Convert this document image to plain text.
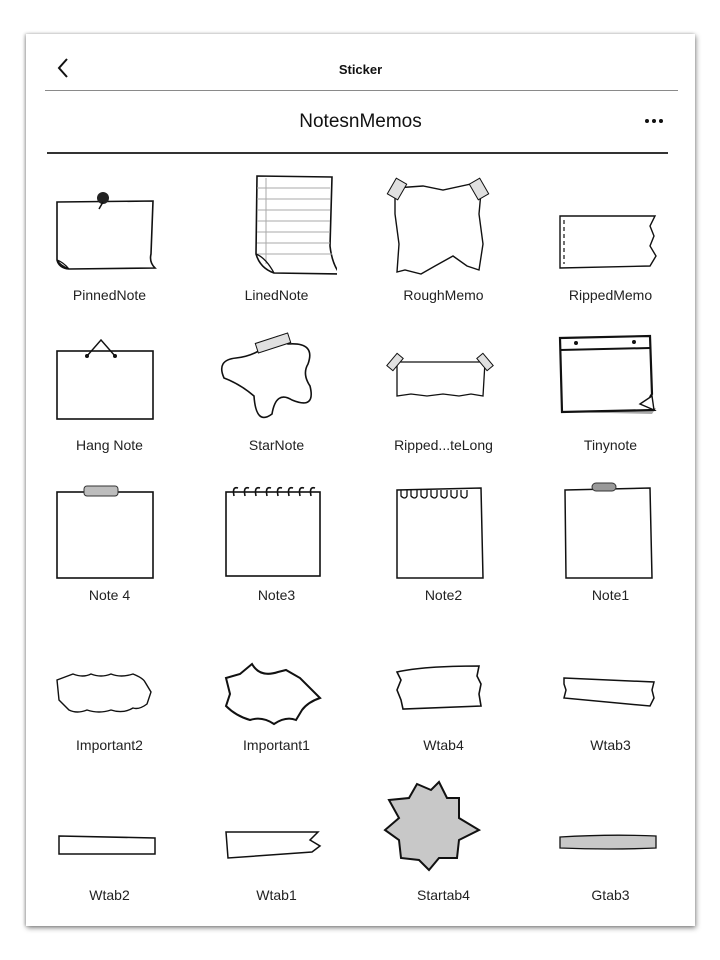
Sticker
NotesnMemos
PinnedNote	LinedNote	RoughMemo	RippedMemo
Hang Note	StarNote	Ripped...teLong	Tinynote
Note 4	Note3	Note2	Note1
Important2	Important1	Wtab4	Wtab3
Wtab2	Wtab1	Startab4	Gtab3
